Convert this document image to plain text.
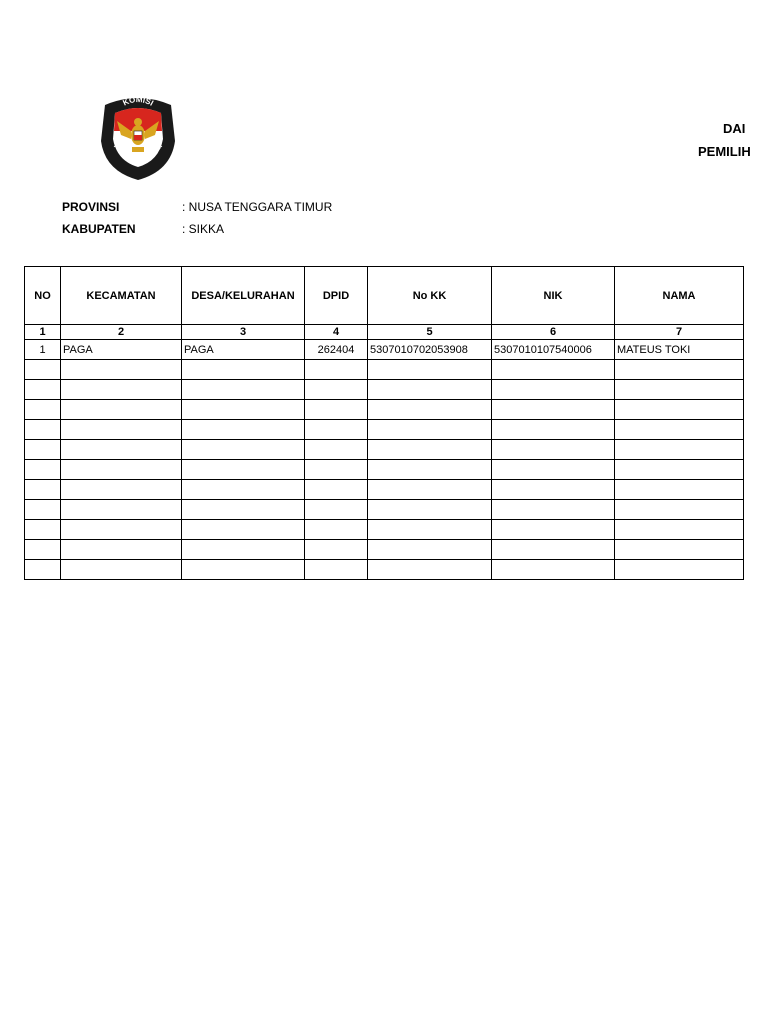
KOMISI
PEMILIHAN UMUM
DAI
PEMILIH
PROVINSI	: NUSA TENGGARA TIMUR
KABUPATEN	: SIKKA
NO	KECAMATAN	DESA/KELURAHAN	DPID	No KK	NIK	NAMA
1	2	3	4	5	6	7
1	PAGA	PAGA	262404	5307010702053908	5307010107540006	MATEUS TOKI
